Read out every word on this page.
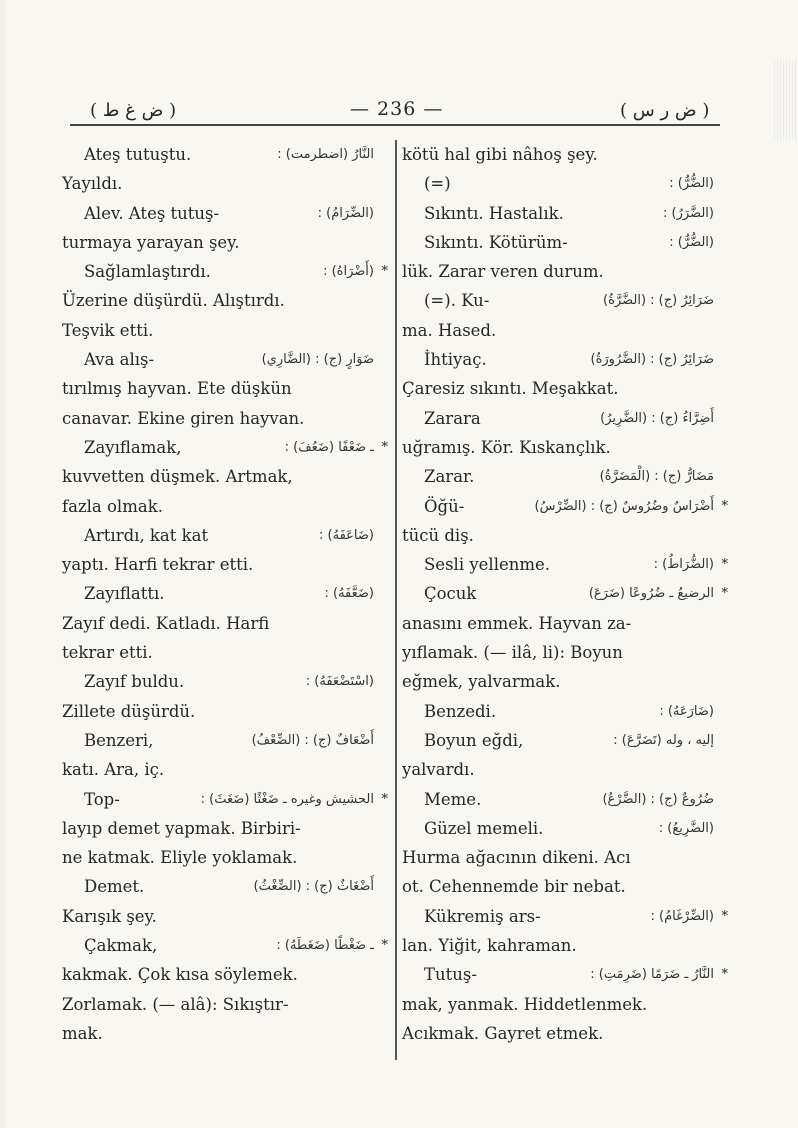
( ض غ ط )	— 236 —	( ض ر س )
Ateş tutuştu.	: (اضطرمت) النَّارُ
Yayıldı.
Alev. Ateş tutuş-	: (الضِّرَامُ)
turmaya yarayan şey.
Sağlamlaştırdı.	: (أَضْرَاهُ) *
Üzerine düşürdü. Alıştırdı.
Teşvik etti.
Ava alış-	(الضَّارِي) : (ج) ضَوَارٍ
tırılmış hayvan. Ete düşkün
canavar. Ekine giren hayvan.
Zayıflamak,	: (ضَعُفَ) ـ ضَعْفًا *
kuvvetten düşmek. Artmak,
fazla olmak.
Artırdı, kat kat	: (ضَاعَفَهُ)
yaptı. Harfi tekrar etti.
Zayıflattı.	: (ضَعَّفَهُ)
Zayıf dedi. Katladı. Harfi
tekrar etti.
Zayıf buldu.	: (اسْتَضْعَفَهُ)
Zillete düşürdü.
Benzeri,	(الضِّعْفُ) : (ج) أَضْعَافٌ
katı. Ara, iç.
Top-	: (ضَغَثَ) الحشيش وغيره ـ ضَغْثًا *
layıp demet yapmak. Birbiri-
ne katmak. Eliyle yoklamak.
Demet.	(الضِّغْثُ) : (ج) أَضْغَاثٌ
Karışık şey.
Çakmak,	: (ضَغَطَهُ) ـ ضَغْطًا *
kakmak. Çok kısa söylemek.
Zorlamak. (— alâ): Sıkıştır-
mak.
kötü hal gibi nâhoş şey.
(=)	: (الضُّرُّ)
Sıkıntı. Hastalık.	: (الضَّرَرُ)
Sıkıntı. Kötürüm-	: (الضُّرُّ)
lük. Zarar veren durum.
(=). Ku-	(الضَّرَّةُ) : (ج) ضَرَائِرُ
ma. Hased.
İhtiyaç.	(الضَّرُورَةُ) : (ج) ضَرَائِرُ
Çaresiz sıkıntı. Meşakkat.
Zarara	(الضَّرِيرُ) : (ج) أَضِرَّاءُ
uğramış. Kör. Kıskançlık.
Zarar.	(الْمَضَرَّةُ) : (ج) مَضَارُّ
Öğü-	(الضِّرْسُ) : (ج) أَضْرَاسٌ وضُرُوسٌ *
tücü diş.
Sesli yellenme.	: (الضُّرَاطُ) *
Çocuk	(ضَرَعَ) الرضيعُ ـ ضُرُوعًا *
anasını emmek. Hayvan za-
yıflamak. (— ilâ, li): Boyun
eğmek, yalvarmak.
Benzedi.	: (ضَارَعَهُ)
Boyun eğdi,	: (تَضَرَّعَ) إليه ، وله
yalvardı.
Meme.	(الضَّرْعُ) : (ج) ضُرُوعٌ
Güzel memeli.	: (الضَّرِيعُ)
Hurma ağacının dikeni. Acı
ot. Cehennemde bir nebat.
Kükremiş ars-	: (الضِّرْغَامُ) *
lan. Yiğit, kahraman.
Tutuş-	: (ضَرِمَتِ) النَّارُ ـ ضَرَمًا *
mak, yanmak. Hiddetlenmek.
Acıkmak. Gayret etmek.
